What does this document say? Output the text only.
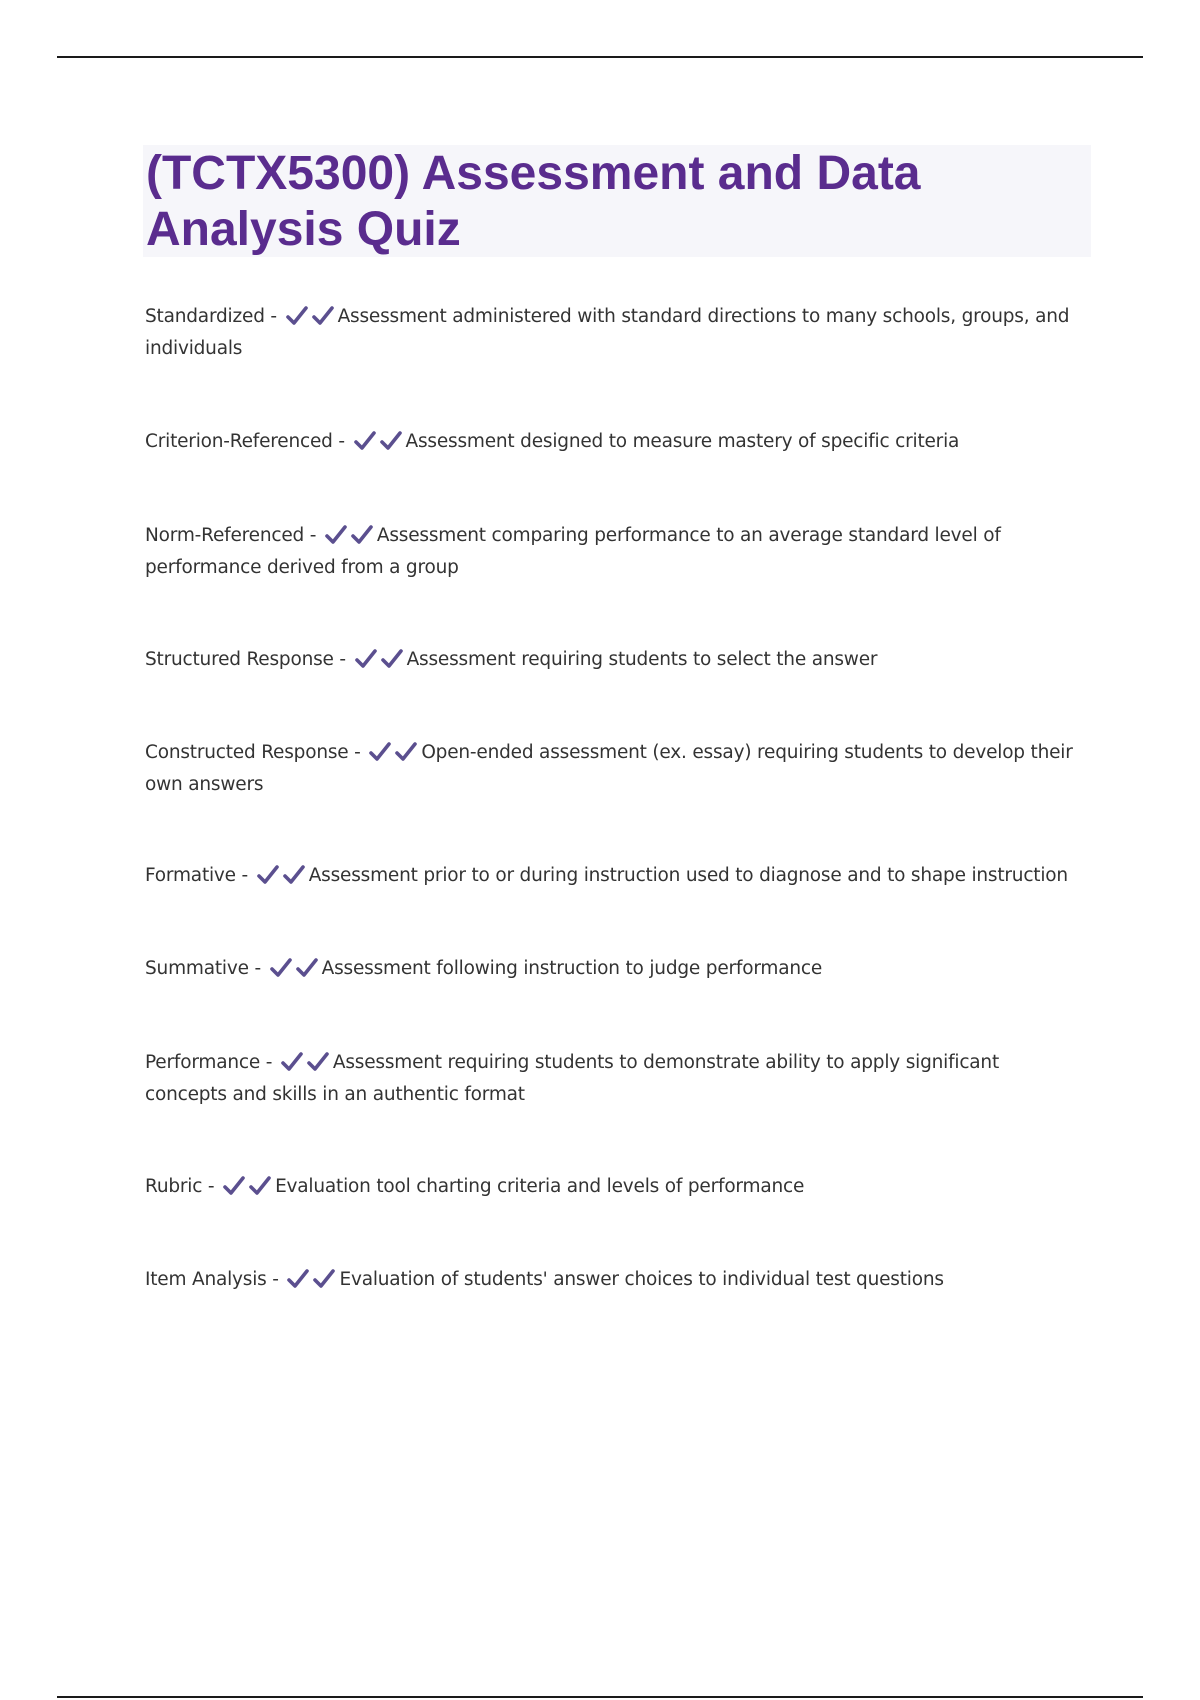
(TCTX5300) Assessment and Data Analysis Quiz
Standardized -	Assessment administered with standard directions to many schools, groups, and individuals
Criterion-Referenced -	Assessment designed to measure mastery of specific criteria
Norm-Referenced -	Assessment comparing performance to an average standard level of performance derived from a group
Structured Response -	Assessment requiring students to select the answer
Constructed Response -	Open-ended assessment (ex. essay) requiring students to develop their own answers
Formative -	Assessment prior to or during instruction used to diagnose and to shape instruction
Summative -	Assessment following instruction to judge performance
Performance -	Assessment requiring students to demonstrate ability to apply significant concepts and skills in an authentic format
Rubric -	Evaluation tool charting criteria and levels of performance
Item Analysis -	Evaluation of students' answer choices to individual test questions
